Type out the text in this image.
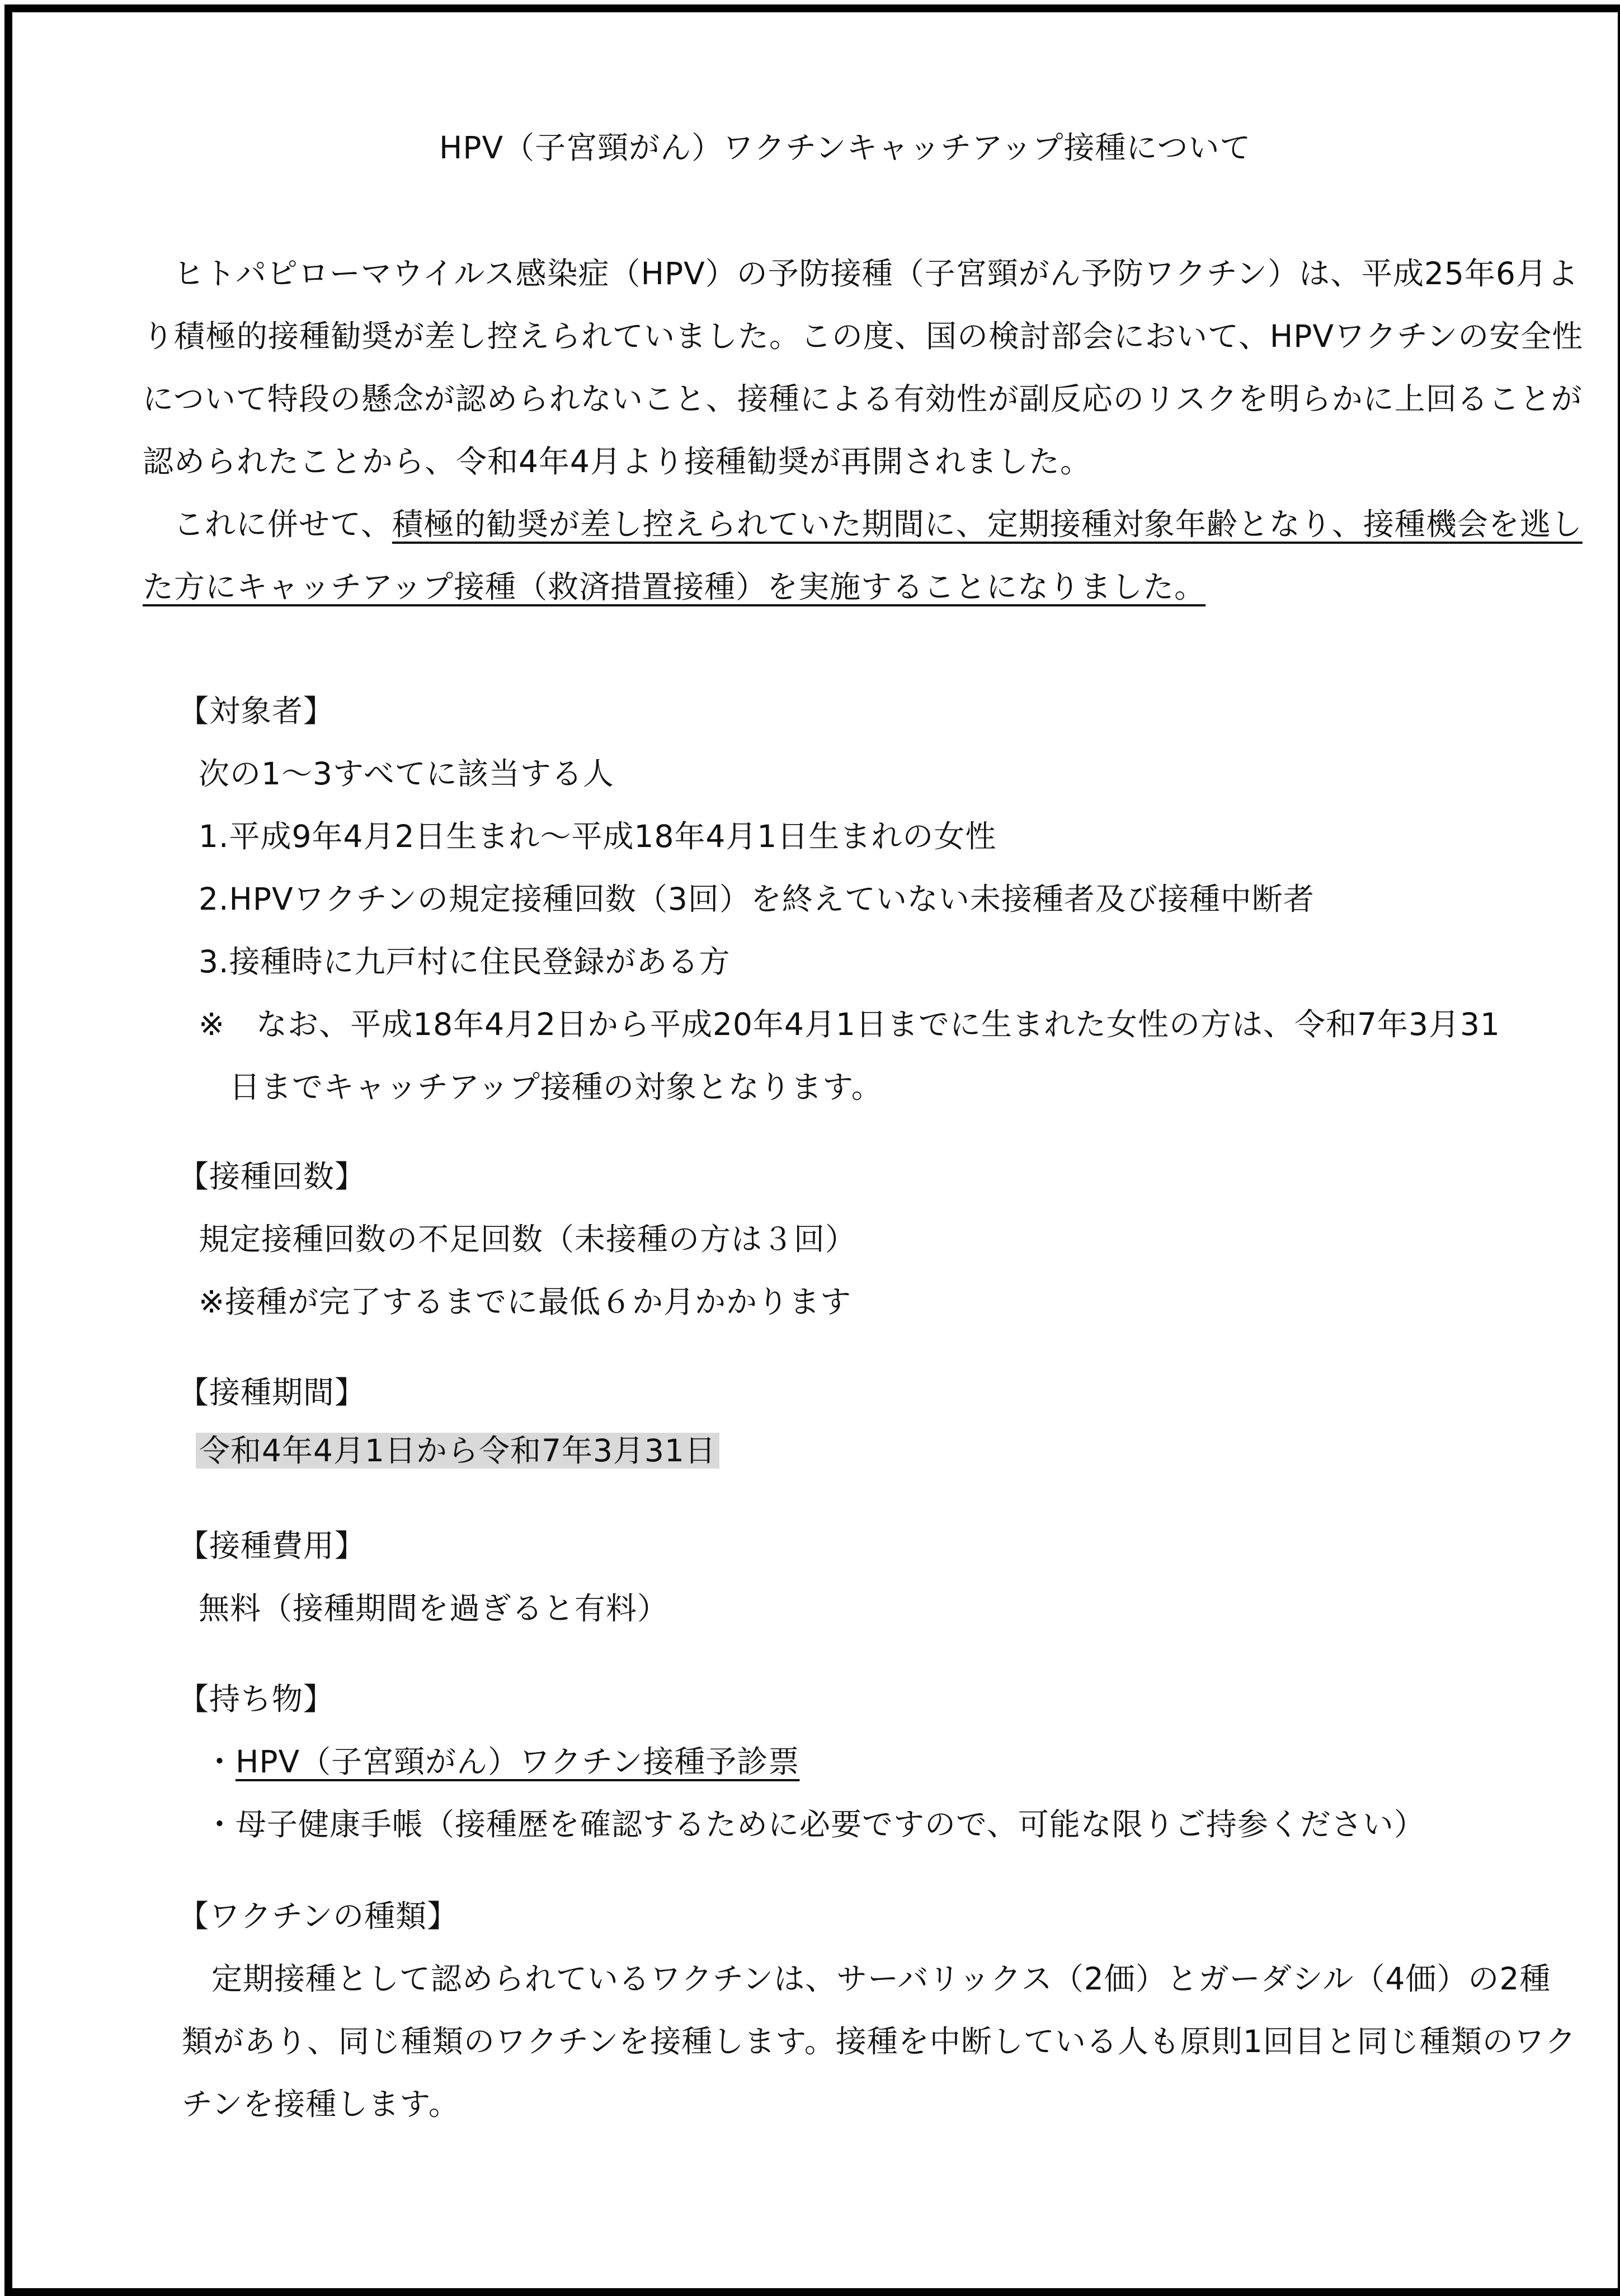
HPV（子宮頸がん）ワクチンキャッチアップ接種について
ヒトパピローマウイルス感染症（HPV）の予防接種（子宮頸がん予防ワクチン）は、平成25年6月よ
り積極的接種勧奨が差し控えられていました。この度、国の検討部会において、HPVワクチンの安全性
について特段の懸念が認められないこと、接種による有効性が副反応のリスクを明らかに上回ることが
認められたことから、令和4年4月より接種勧奨が再開されました。
これに併せて、積極的勧奨が差し控えられていた期間に、定期接種対象年齢となり、接種機会を逃し
た方にキャッチアップ接種（救済措置接種）を実施することになりました。
【対象者】
次の1〜3すべてに該当する人
1.平成9年4月2日生まれ〜平成18年4月1日生まれの女性
2.HPVワクチンの規定接種回数（3回）を終えていない未接種者及び接種中断者
3.接種時に九戸村に住民登録がある方
※　なお、平成18年4月2日から平成20年4月1日までに生まれた女性の方は、令和7年3月31
日までキャッチアップ接種の対象となります。
【接種回数】
規定接種回数の不足回数（未接種の方は３回）
※接種が完了するまでに最低６か月かかります
【接種期間】
令和4年4月1日から令和7年3月31日
【接種費用】
無料（接種期間を過ぎると有料）
【持ち物】
・HPV（子宮頸がん）ワクチン接種予診票
・母子健康手帳（接種歴を確認するために必要ですので、可能な限りご持参ください）
【ワクチンの種類】
定期接種として認められているワクチンは、サーバリックス（2価）とガーダシル（4価）の2種
類があり、同じ種類のワクチンを接種します。接種を中断している人も原則1回目と同じ種類のワク
チンを接種します。
